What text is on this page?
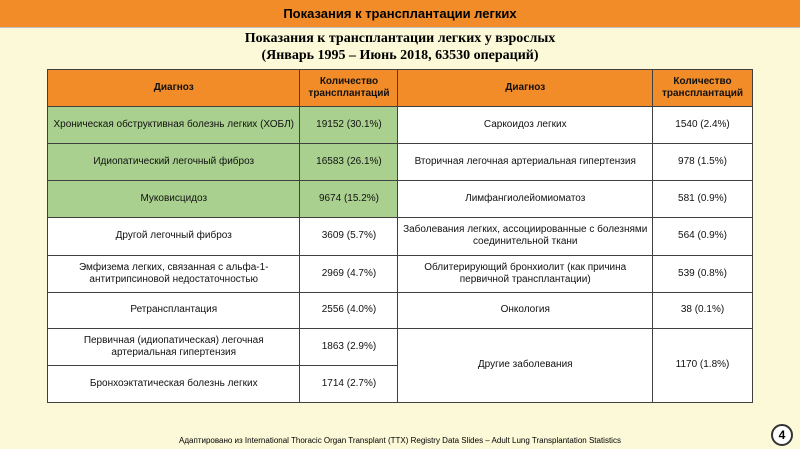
Показания к трансплантации легких
Показания к трансплантации легких у взрослых
(Январь 1995 – Июнь 2018, 63530 операций)
Диагноз	Количество трансплантаций	Диагноз	Количество трансплантаций
Хроническая обструктивная болезнь легких (ХОБЛ)	19152 (30.1%)	Саркоидоз легких	1540 (2.4%)
Идиопатический легочный фиброз	16583 (26.1%)	Вторичная легочная артериальная гипертензия	978 (1.5%)
Муковисцидоз	9674 (15.2%)	Лимфангиолейомиоматоз	581 (0.9%)
Другой легочный фиброз	3609 (5.7%)	Заболевания легких, ассоциированные с болезнями соединительной ткани	564 (0.9%)
Эмфизема легких, связанная с альфа-1-антитрипсиновой недостаточностью	2969 (4.7%)	Облитерирующий бронхиолит (как причина первичной трансплантации)	539 (0.8%)
Ретрансплантация	2556 (4.0%)	Онкология	38 (0.1%)
Первичная (идиопатическая) легочная артериальная гипертензия	1863 (2.9%)	Другие заболевания	1170 (1.8%)
Бронхоэктатическая болезнь легких	1714 (2.7%)		
Адаптировано из International Thoracic Organ Transplant (TTX) Registry Data Slides – Adult Lung Transplantation Statistics	4
